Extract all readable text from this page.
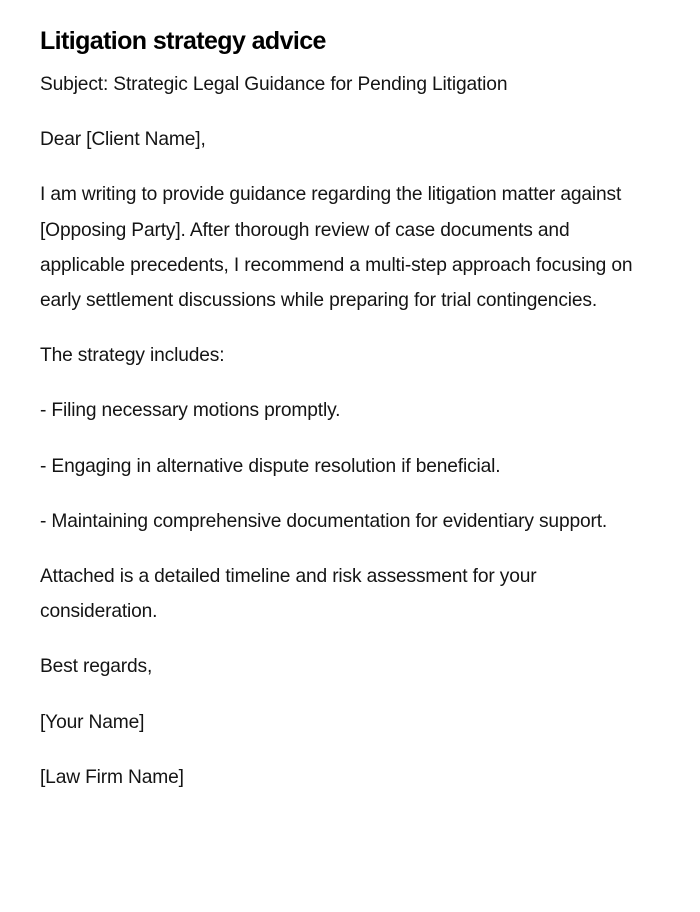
Litigation strategy advice

Subject: Strategic Legal Guidance for Pending Litigation

Dear [Client Name],

I am writing to provide guidance regarding the litigation matter against [Opposing Party]. After thorough review of case documents and applicable precedents, I recommend a multi-step approach focusing on early settlement discussions while preparing for trial contingencies.

The strategy includes:

- Filing necessary motions promptly.

- Engaging in alternative dispute resolution if beneficial.

- Maintaining comprehensive documentation for evidentiary support.

Attached is a detailed timeline and risk assessment for your consideration.

Best regards,

[Your Name]

[Law Firm Name]
